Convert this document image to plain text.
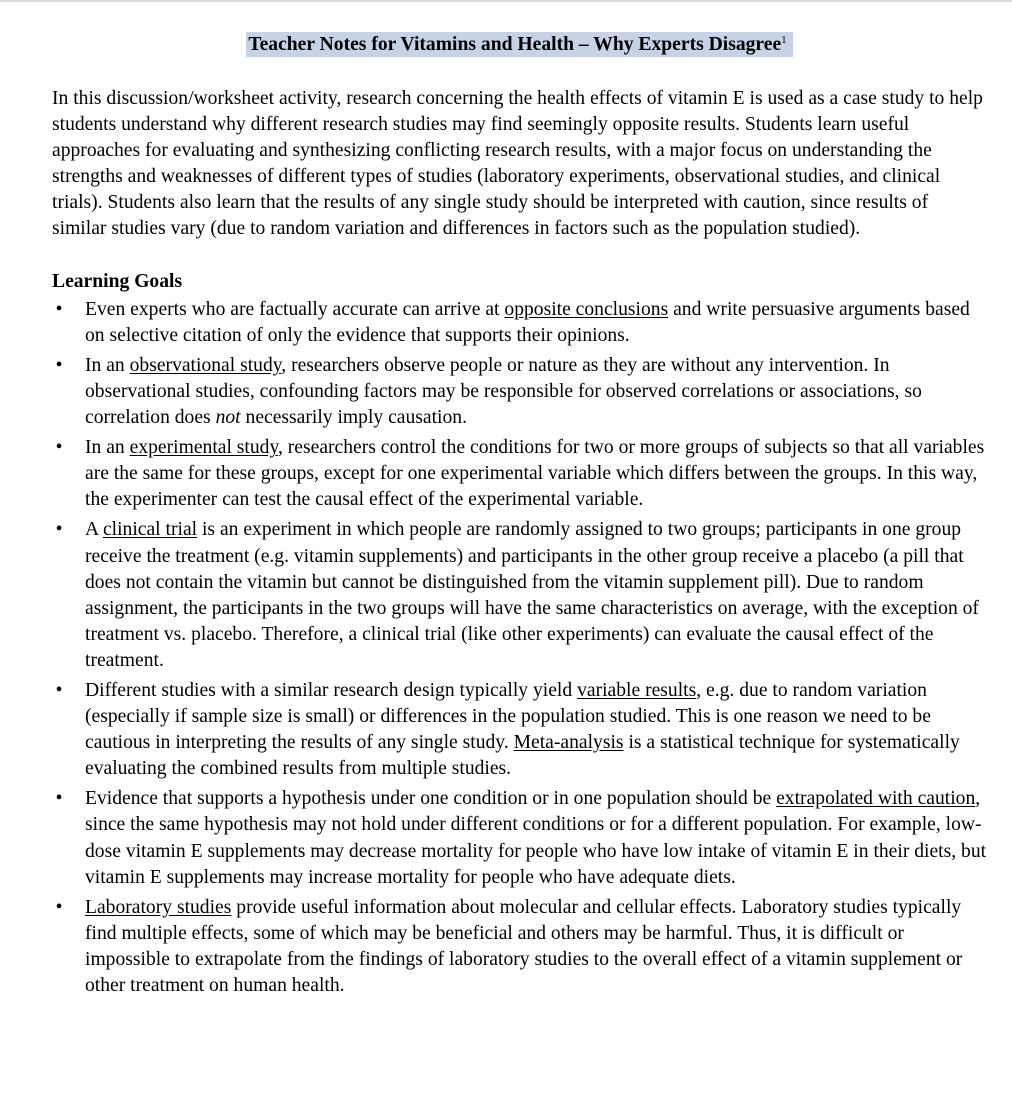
Teacher Notes for Vitamins and Health – Why Experts Disagree$^1$

In this discussion/worksheet activity, research concerning the health effects of vitamin E is used as a case study to help students understand why different research studies may find seemingly opposite results. Students learn useful approaches for evaluating and synthesizing conflicting research results, with a major focus on understanding the strengths and weaknesses of different types of studies (laboratory experiments, observational studies, and clinical trials). Students also learn that the results of any single study should be interpreted with caution, since results of similar studies vary (due to random variation and differences in factors such as the population studied).

Learning Goals
• Even experts who are factually accurate can arrive at opposite conclusions and write persuasive arguments based on selective citation of only the evidence that supports their opinions.
• In an observational study, researchers observe people or nature as they are without any intervention. In observational studies, confounding factors may be responsible for observed correlations or associations, so correlation does not necessarily imply causation.
• In an experimental study, researchers control the conditions for two or more groups of subjects so that all variables are the same for these groups, except for one experimental variable which differs between the groups. In this way, the experimenter can test the causal effect of the experimental variable.
• A clinical trial is an experiment in which people are randomly assigned to two groups; participants in one group receive the treatment (e.g. vitamin supplements) and participants in the other group receive a placebo (a pill that does not contain the vitamin but cannot be distinguished from the vitamin supplement pill). Due to random assignment, the participants in the two groups will have the same characteristics on average, with the exception of treatment vs. placebo. Therefore, a clinical trial (like other experiments) can evaluate the causal effect of the treatment.
• Different studies with a similar research design typically yield variable results, e.g. due to random variation (especially if sample size is small) or differences in the population studied. This is one reason we need to be cautious in interpreting the results of any single study. Meta-analysis is a statistical technique for systematically evaluating the combined results from multiple studies.
• Evidence that supports a hypothesis under one condition or in one population should be extrapolated with caution, since the same hypothesis may not hold under different conditions or for a different population. For example, low-dose vitamin E supplements may decrease mortality for people who have low intake of vitamin E in their diets, but vitamin E supplements may increase mortality for people who have adequate diets.
• Laboratory studies provide useful information about molecular and cellular effects. Laboratory studies typically find multiple effects, some of which may be beneficial and others may be harmful. Thus, it is difficult or impossible to extrapolate from the findings of laboratory studies to the overall effect of a vitamin supplement or other treatment on human health.
